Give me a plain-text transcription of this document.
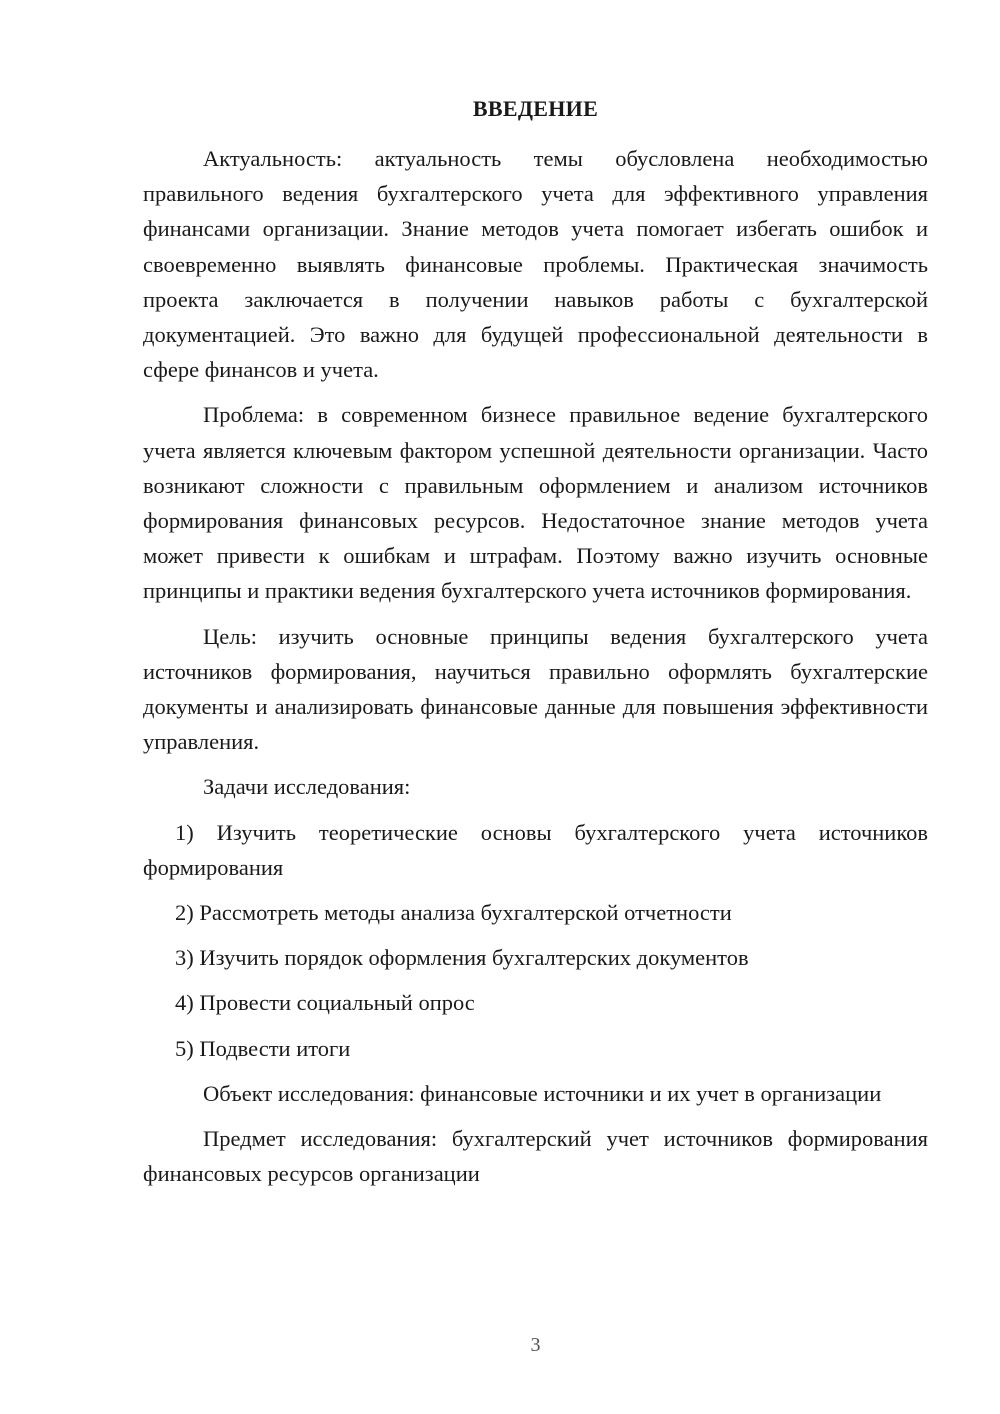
ВВЕДЕНИЕ

Актуальность: актуальность темы обусловлена необходимостью правильного ведения бухгалтерского учета для эффективного управления финансами организации. Знание методов учета помогает избегать ошибок и своевременно выявлять финансовые проблемы. Практическая значимость проекта заключается в получении навыков работы с бухгалтерской документацией. Это важно для будущей профессиональной деятельности в сфере финансов и учета.

Проблема: в современном бизнесе правильное ведение бухгалтерского учета является ключевым фактором успешной деятельности организации. Часто возникают сложности с правильным оформлением и анализом источников формирования финансовых ресурсов. Недостаточное знание методов учета может привести к ошибкам и штрафам. Поэтому важно изучить основные принципы и практики ведения бухгалтерского учета источников формирования.

Цель: изучить основные принципы ведения бухгалтерского учета источников формирования, научиться правильно оформлять бухгалтерские документы и анализировать финансовые данные для повышения эффективности управления.

Задачи исследования:

1) Изучить теоретические основы бухгалтерского учета источников формирования

2) Рассмотреть методы анализа бухгалтерской отчетности

3) Изучить порядок оформления бухгалтерских документов

4) Провести социальный опрос

5) Подвести итоги

Объект исследования: финансовые источники и их учет в организации

Предмет исследования: бухгалтерский учет источников формирования финансовых ресурсов организации

3
